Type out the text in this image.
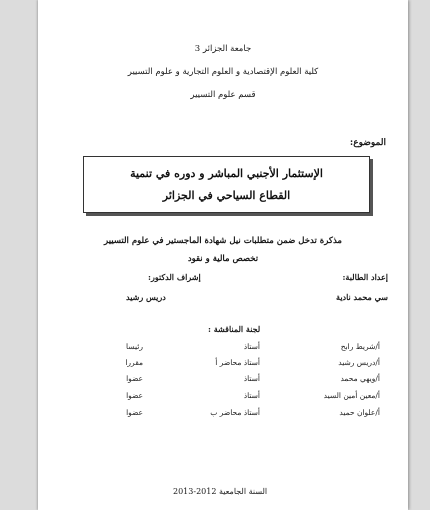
جامعة الجزائر 3
كلية العلوم الإقتصادية و العلوم التجارية و علوم التسيير
قسم علوم التسيير
الموضوع:
الإستثمار الأجنبي المباشر و دوره في تنمية
القطاع السياحي في الجزائر
مذكرة تدخل ضمن متطلبات نيل شهادة الماجستير في علوم التسيير
تخصص مالية و نقود
إعداد الطالبة:
إشراف الدكتور:
سي محمد نادية
دريس رشيد
لجنة المناقشة :
أ/شريط رابح
أستاذ
رئيسا
أ/دريس رشيد
أستاذ محاضر أ
مقررا
أ/ويهي محمد
أستاذ
عضوا
أ/معين أمين السيد
أستاذ
عضوا
أ/علوان حميد
أستاذ محاضر ب
عضوا
السنة الجامعية 2012-2013
